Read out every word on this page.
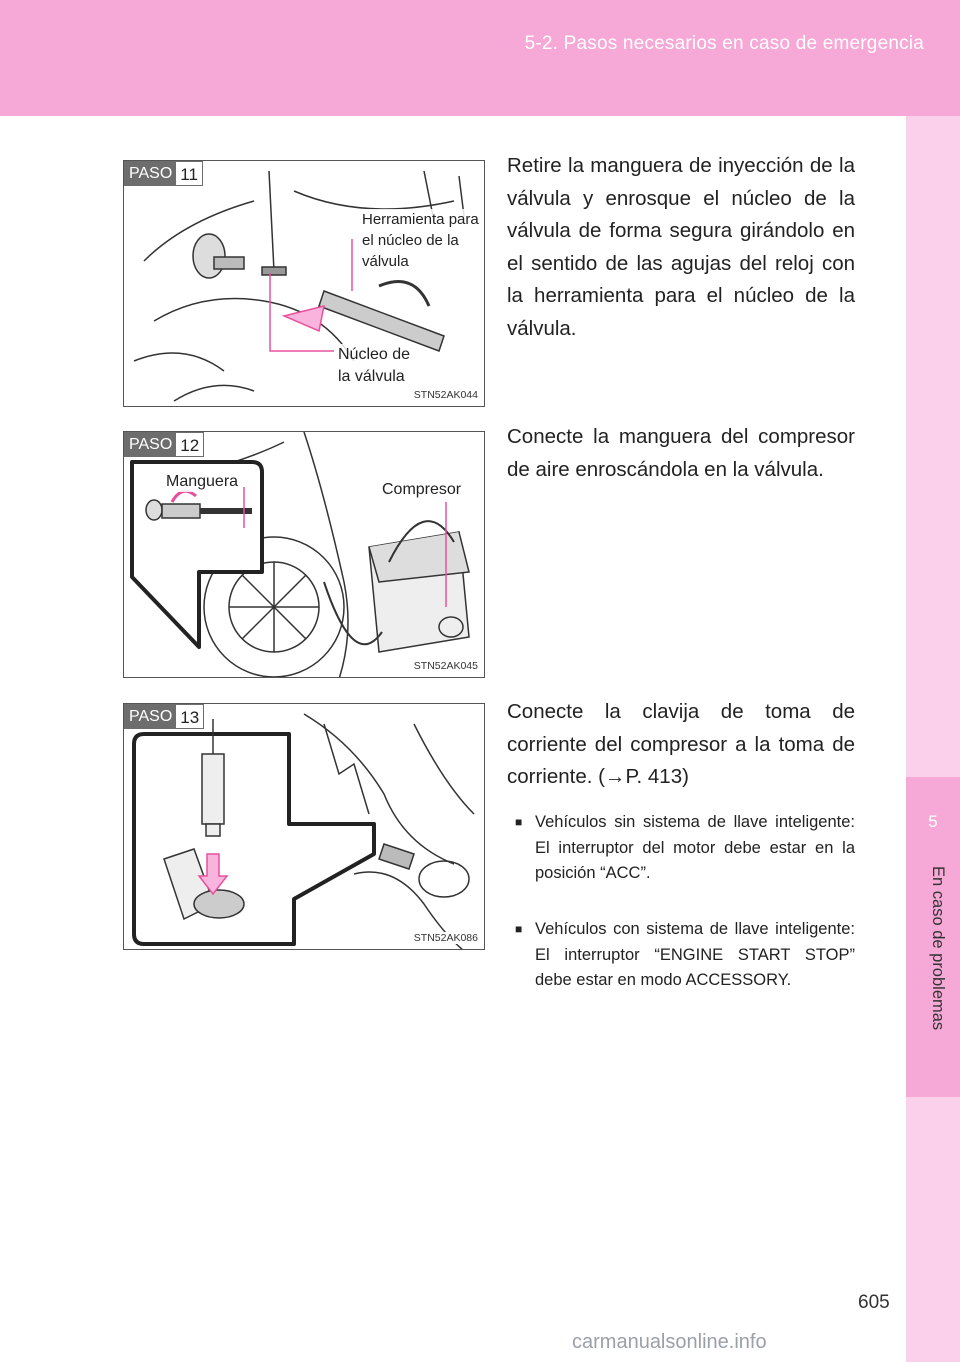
5-2. Pasos necesarios en caso de emergencia
5
En caso de problemas
PASO 11
Herramienta para el núcleo de la válvula
Núcleo de
la válvula
STN52AK044
Retire la manguera de inyección de la válvula y enrosque el núcleo de la válvula de forma segura girándolo en el sentido de las agujas del reloj con la herramienta para el núcleo de la válvula.
PASO 12
Manguera	Compresor
STN52AK045
Conecte la manguera del compresor de aire enroscándola en la válvula.
PASO 13
STN52AK086
Conecte la clavija de toma de corriente del compresor a la toma de corriente. (→P. 413)
■ Vehículos sin sistema de llave inteligente: El interruptor del motor debe estar en la posición “ACC”.
■ Vehículos con sistema de llave inteligente: El interruptor “ENGINE START STOP” debe estar en modo ACCESSORY.
605
carmanualsonline.info
